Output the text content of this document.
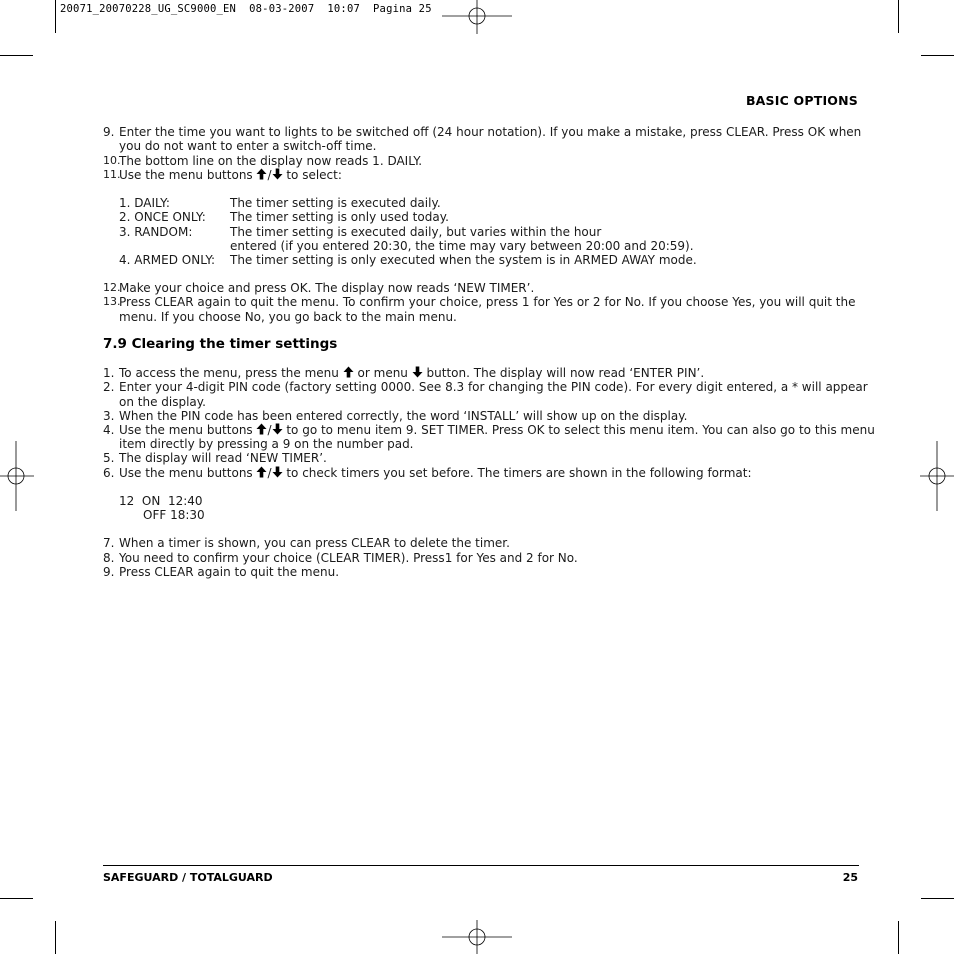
20071_20070228_UG_SC9000_EN  08-03-2007  10:07  Pagina 25
BASIC OPTIONS
9. Enter the time you want to lights to be switched off (24 hour notation). If you make a mistake, press CLEAR. Press OK when
you do not want to enter a switch-off time.
10.
The bottom line on the display now reads 1. DAILY.
11.
Use the menu buttons / to select:
1. DAILY:	The timer setting is executed daily.
2. ONCE ONLY: The timer setting is only used today.
3. RANDOM:	The timer setting is executed daily, but varies within the hour
entered (if you entered 20:30, the time may vary between 20:00 and 20:59).
4. ARMED ONLY: The timer setting is only executed when the system is in ARMED AWAY mode.
12.
Make your choice and press OK. The display now reads ‘NEW TIMER’.
13.
Press CLEAR again to quit the menu. To confirm your choice, press 1 for Yes or 2 for No. If you choose Yes, you will quit the
menu. If you choose No, you go back to the main menu.
7.9 Clearing the timer settings
1. To access the menu, press the menu  or menu  button. The display will now read ‘ENTER PIN’.
2. Enter your 4-digit PIN code (factory setting 0000. See 8.3 for changing the PIN code). For every digit entered, a * will appear
on the display.
3. When the PIN code has been entered correctly, the word ‘INSTALL’ will show up on the display.
4. Use the menu buttons / to go to menu item 9. SET TIMER. Press OK to select this menu item. You can also go to this menu
item directly by pressing a 9 on the number pad.
5. The display will read ‘NEW TIMER’.
6. Use the menu buttons / to check timers you set before. The timers are shown in the following format:
12  ON  12:40
OFF 18:30
7. When a timer is shown, you can press CLEAR to delete the timer.
8. You need to confirm your choice (CLEAR TIMER). Press1 for Yes and 2 for No.
9. Press CLEAR again to quit the menu.
SAFEGUARD / TOTALGUARD	25
